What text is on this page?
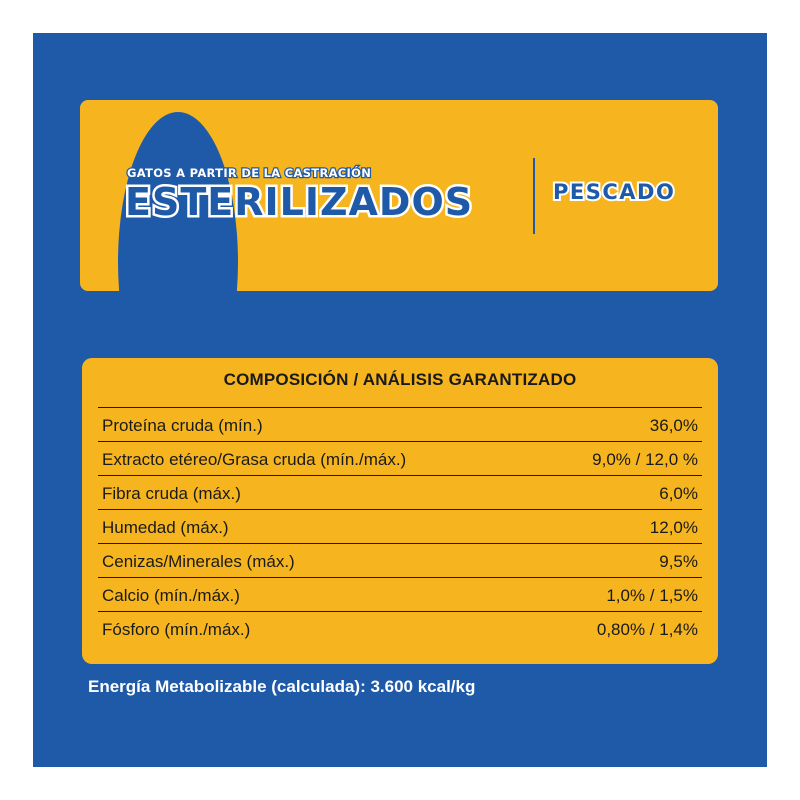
GATOS A PARTIR DE LA CASTRACIÓN
ESTERILIZADOS	PESCADO
COMPOSICIÓN / ANÁLISIS GARANTIZADO
Proteína cruda (mín.)	36,0%
Extracto etéreo/Grasa cruda (mín./máx.)	9,0% / 12,0 %
Fibra cruda (máx.)	6,0%
Humedad (máx.)	12,0%
Cenizas/Minerales (máx.)	9,5%
Calcio (mín./máx.)	1,0% / 1,5%
Fósforo (mín./máx.)	0,80% / 1,4%
Energía Metabolizable (calculada): 3.600 kcal/kg
